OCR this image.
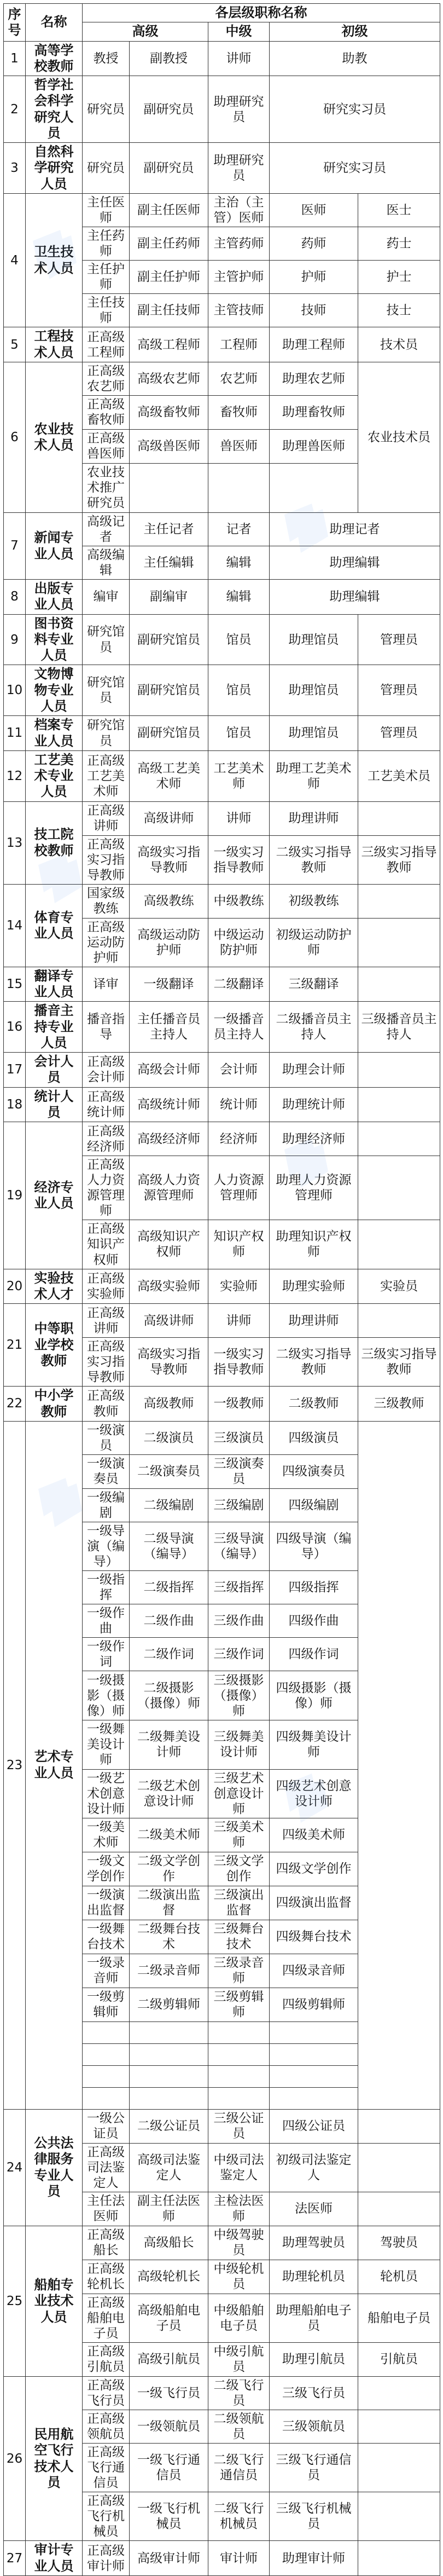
序号	名称	各层级职称名称				
		高级		中级	初级	
1	高等学校教师	教授	副教授	讲师	助教	
2	哲学社会科学研究人员	研究员	副研究员	助理研究员	研究实习员	
3	自然科学研究人员	研究员	副研究员	助理研究员	研究实习员	
4	卫生技术人员	主任医师	副主任医师	主治（主管）医师	医师	医士
		主任药师	副主任药师	主管药师	药师	药士
		主任护师	副主任护师	主管护师	护师	护士
		主任技师	副主任技师	主管技师	技师	技士
5	工程技术人员	正高级工程师	高级工程师	工程师	助理工程师	技术员
6	农业技术人员	正高级农艺师	高级农艺师	农艺师	助理农艺师	农业技术员
		正高级畜牧师	高级畜牧师	畜牧师	助理畜牧师	
		正高级兽医师	高级兽医师	兽医师	助理兽医师	
		农业技术推广研究员				
7	新闻专业人员	高级记者	主任记者	记者	助理记者	
		高级编辑	主任编辑	编辑	助理编辑	
8	出版专业人员	编审	副编审	编辑	助理编辑	
9	图书资料专业人员	研究馆员	副研究馆员	馆员	助理馆员	管理员
10	文物博物专业人员	研究馆员	副研究馆员	馆员	助理馆员	管理员
11	档案专业人员	研究馆员	副研究馆员	馆员	助理馆员	管理员
12	工艺美术专业人员	正高级工艺美术师	高级工艺美术师	工艺美术师	助理工艺美术师	工艺美术员
13	技工院校教师	正高级讲师	高级讲师	讲师	助理讲师	
		正高级实习指导教师	高级实习指导教师	一级实习指导教师	二级实习指导教师	三级实习指导教师
14	体育专业人员	国家级教练	高级教练	中级教练	初级教练	
		正高级运动防护师	高级运动防护师	中级运动防护师	初级运动防护师	
15	翻译专业人员	译审	一级翻译	二级翻译	三级翻译	
16	播音主持专业人员	播音指导	主任播音员主持人	一级播音员主持人	二级播音员主持人	三级播音员主持人
17	会计人员	正高级会计师	高级会计师	会计师	助理会计师	
18	统计人员	正高级统计师	高级统计师	统计师	助理统计师	
19	经济专业人员	正高级经济师	高级经济师	经济师	助理经济师	
		正高级人力资源管理师	高级人力资源管理师	人力资源管理师	助理人力资源管理师	
		正高级知识产权师	高级知识产权师	知识产权师	助理知识产权师	
20	实验技术人才	正高级实验师	高级实验师	实验师	助理实验师	实验员
21	中等职业学校教师	正高级讲师	高级讲师	讲师	助理讲师	
		正高级实习指导教师	高级实习指导教师	一级实习指导教师	二级实习指导教师	三级实习指导教师
22	中小学教师	正高级教师	高级教师	一级教师	二级教师	三级教师
23	艺术专业人员	一级演员	二级演员	三级演员	四级演员	
		一级演奏员	二级演奏员	三级演奏员	四级演奏员	
		一级编剧	二级编剧	三级编剧	四级编剧	
		一级导演（编导）	二级导演（编导）	三级导演（编导）	四级导演（编导）	
		一级指挥	二级指挥	三级指挥	四级指挥	
		一级作曲	二级作曲	三级作曲	四级作曲	
		一级作词	二级作词	三级作词	四级作词	
		一级摄影（摄像）师	二级摄影（摄像）师	三级摄影（摄像）师	四级摄影（摄像）师	
		一级舞美设计师	二级舞美设计师	三级舞美设计师	四级舞美设计师	
		一级艺术创意设计师	二级艺术创意设计师	三级艺术创意设计师	四级艺术创意设计师	
		一级美术师	二级美术师	三级美术师	四级美术师	
		一级文学创作	二级文学创作	三级文学创作	四级文学创作	
		一级演出监督	二级演出监督	三级演出监督	四级演出监督	
		一级舞台技术	二级舞台技术	三级舞台技术	四级舞台技术	
		一级录音师	二级录音师	三级录音师	四级录音师	
		一级剪辑师	二级剪辑师	三级剪辑师	四级剪辑师	

24	公共法律服务专业人员	一级公证员	二级公证员	三级公证员	四级公证员	
		正高级司法鉴定人	高级司法鉴定人	中级司法鉴定人	初级司法鉴定人	
		主任法医师	副主任法医师	主检法医师	法医师	
25	船舶专业技术人员	正高级船长	高级船长	中级驾驶员	助理驾驶员	驾驶员
		正高级轮机长	高级轮机长	中级轮机员	助理轮机员	轮机员
		正高级船舶电子员	高级船舶电子员	中级船舶电子员	助理船舶电子员	船舶电子员
		正高级引航员	高级引航员	中级引航员	助理引航员	引航员
26	民用航空飞行技术人员	正高级飞行员	一级飞行员	二级飞行员	三级飞行员	
		正高级领航员	一级领航员	二级领航员	三级领航员	
		正高级飞行通信员	一级飞行通信员	二级飞行通信员	三级飞行通信员	
		正高级飞行机械员	一级飞行机械员	二级飞行机械员	三级飞行机械员	
27	审计专业人员	正高级审计师	高级审计师	审计师	助理审计师	
